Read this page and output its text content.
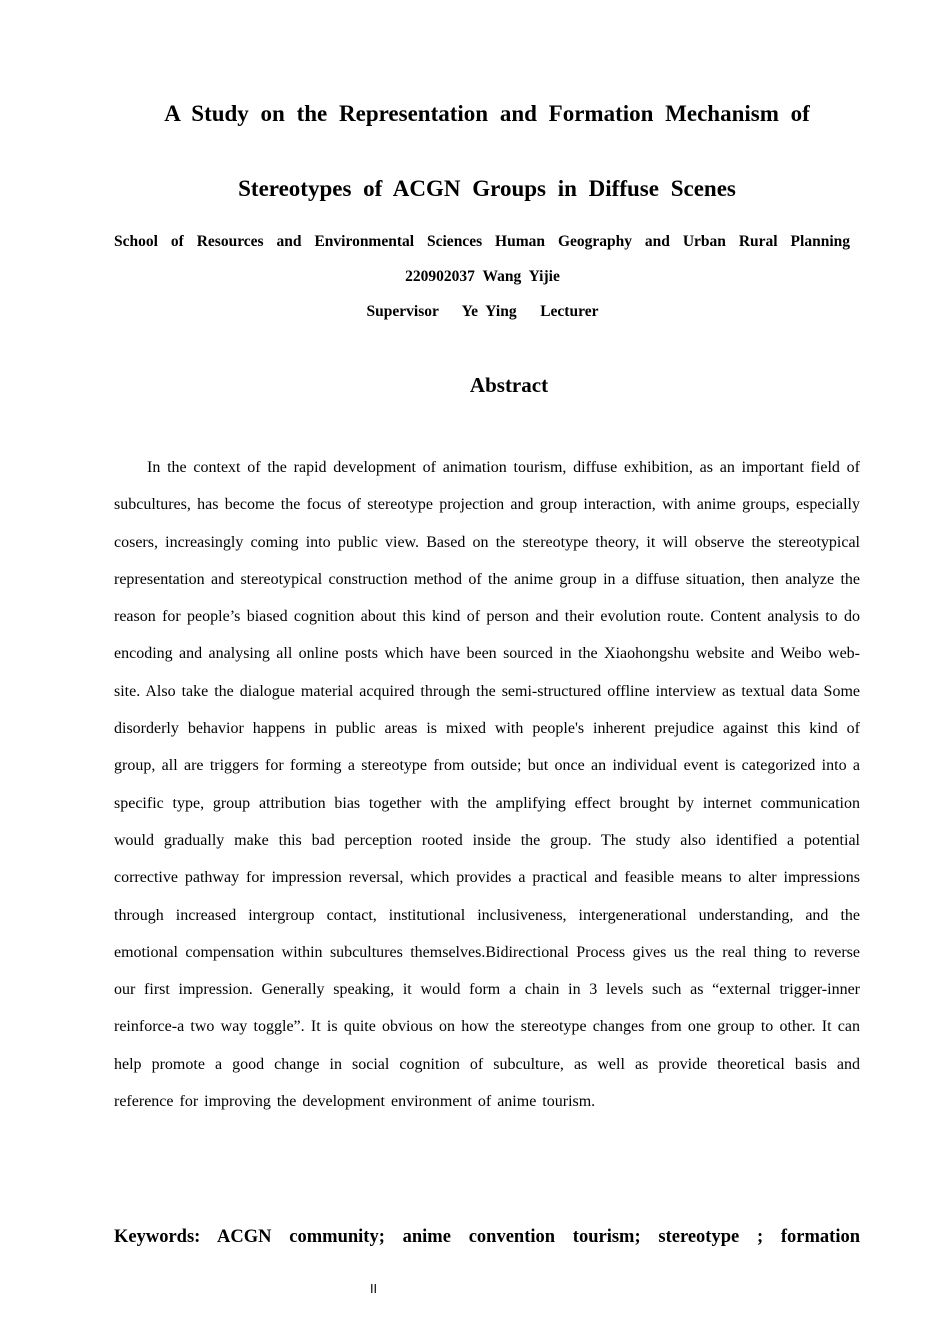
A Study on the Representation and Formation Mechanism of
Stereotypes of ACGN Groups in Diffuse Scenes
School of Resources and Environmental Sciences Human Geography and Urban Rural Planning
220902037 Wang Yijie
Supervisor   Ye Ying   Lecturer
Abstract

In the context of the rapid development of animation tourism, diffuse exhibition, as an important field of subcultures, has become the focus of stereotype projection and group interaction, with anime groups, especially cosers, increasingly coming into public view. Based on the stereotype theory, it will observe the stereotypical representation and stereotypical construction method of the anime group in a diffuse situation, then analyze the reason for people’s biased cognition about this kind of person and their evolution route. Content analysis to do encoding and analysing all online posts which have been sourced in the Xiaohongshu website and Weibo web-site. Also take the dialogue material acquired through the semi-structured offline interview as textual data Some disorderly behavior happens in public areas is mixed with people's inherent prejudice against this kind of group, all are triggers for forming a stereotype from outside; but once an individual event is categorized into a specific type, group attribution bias together with the amplifying effect brought by internet communication would gradually make this bad perception rooted inside the group. The study also identified a potential corrective pathway for impression reversal, which provides a practical and feasible means to alter impressions through increased intergroup contact, institutional inclusiveness, intergenerational understanding, and the emotional compensation within subcultures themselves.Bidirectional Process gives us the real thing to reverse our first impression. Generally speaking, it would form a chain in 3 levels such as “external trigger-inner reinforce-a two way toggle”. It is quite obvious on how the stereotype changes from one group to other. It can help promote a good change in social cognition of subculture, as well as provide theoretical basis and reference for improving the development environment of anime tourism.

Keywords: ACGN community; anime convention tourism; stereotype ; formation
II
